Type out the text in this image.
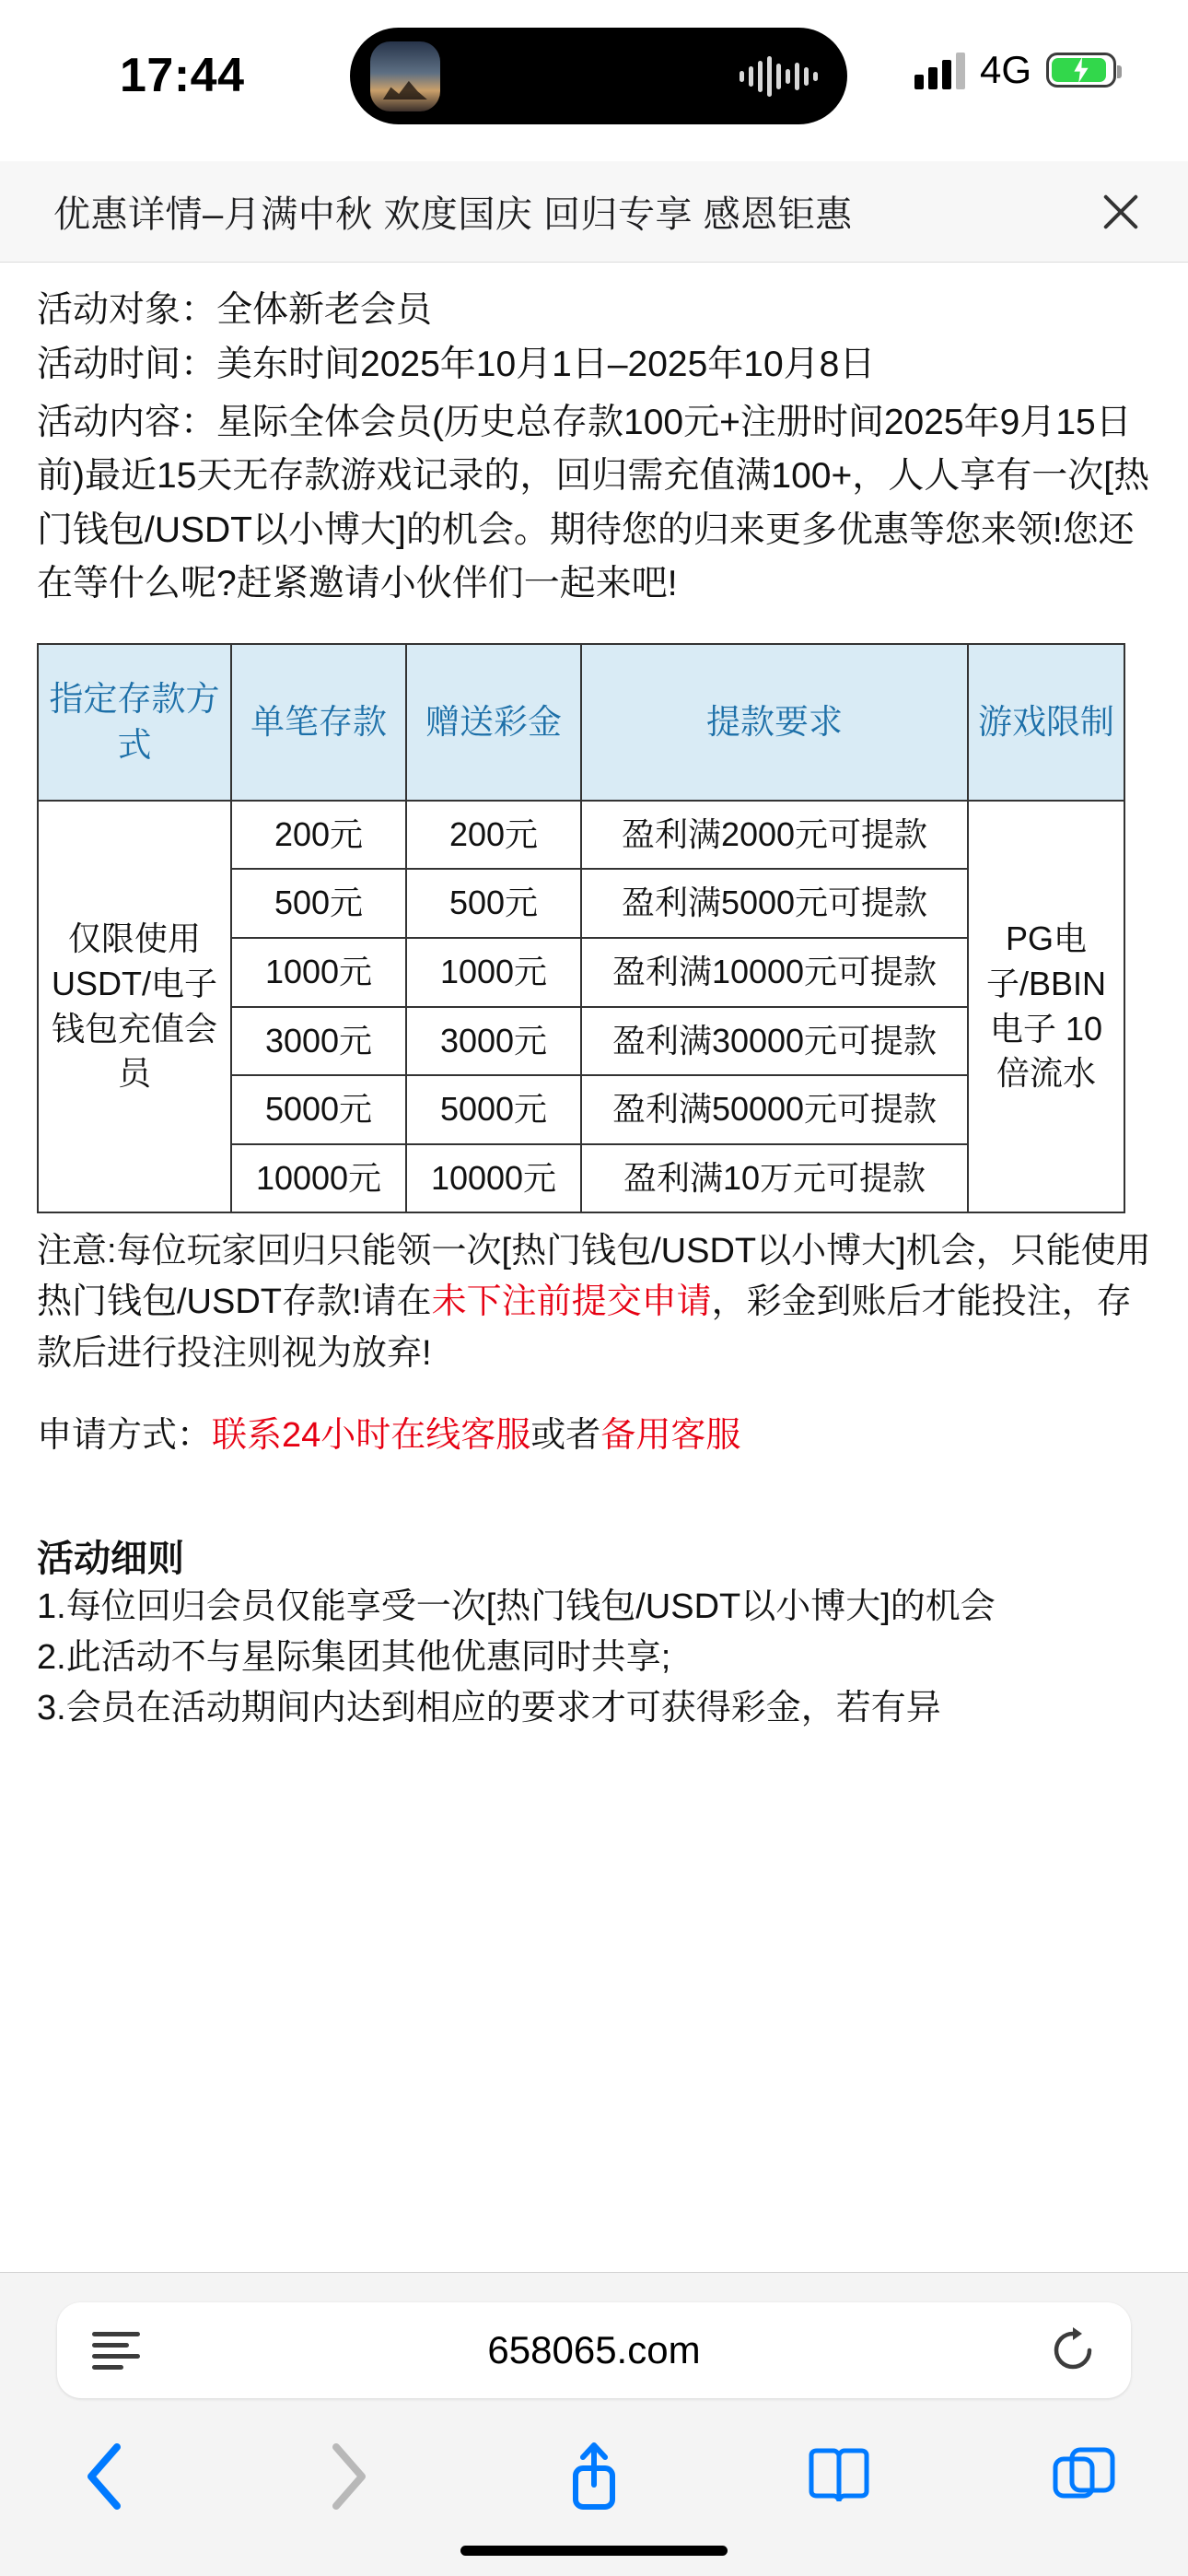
17:44	4G
优惠详情–月满中秋 欢度国庆 回归专享 感恩钜惠
活动对象：全体新老会员
活动时间：美东时间2025年10月1日–2025年10月8日
活动内容：星际全体会员(历史总存款100元+注册时间2025年9月15日前)最近15天无存款游戏记录的，回归需充值满100+，人人享有一次[热门钱包/USDT以小博大]的机会。期待您的归来更多优惠等您来领!您还在等什么呢?赶紧邀请小伙伴们一起来吧!
指定存款方式	单笔存款	赠送彩金	提款要求	游戏限制
仅限使用USDT/电子钱包充值会员	200元	200元	盈利满2000元可提款	PG电子/BBIN电子 10倍流水
	500元	500元	盈利满5000元可提款	
	1000元	1000元	盈利满10000元可提款	
	3000元	3000元	盈利满30000元可提款	
	5000元	5000元	盈利满50000元可提款	
	10000元	10000元	盈利满10万元可提款	
注意:每位玩家回归只能领一次[热门钱包/USDT以小博大]机会，只能使用热门钱包/USDT存款!请在未下注前提交申请，彩金到账后才能投注，存款后进行投注则视为放弃!
申请方式：联系24小时在线客服或者备用客服
活动细则
1.每位回归会员仅能享受一次[热门钱包/USDT以小博大]的机会
2.此活动不与星际集团其他优惠同时共享;
3.会员在活动期间内达到相应的要求才可获得彩金，若有异
658065.com
